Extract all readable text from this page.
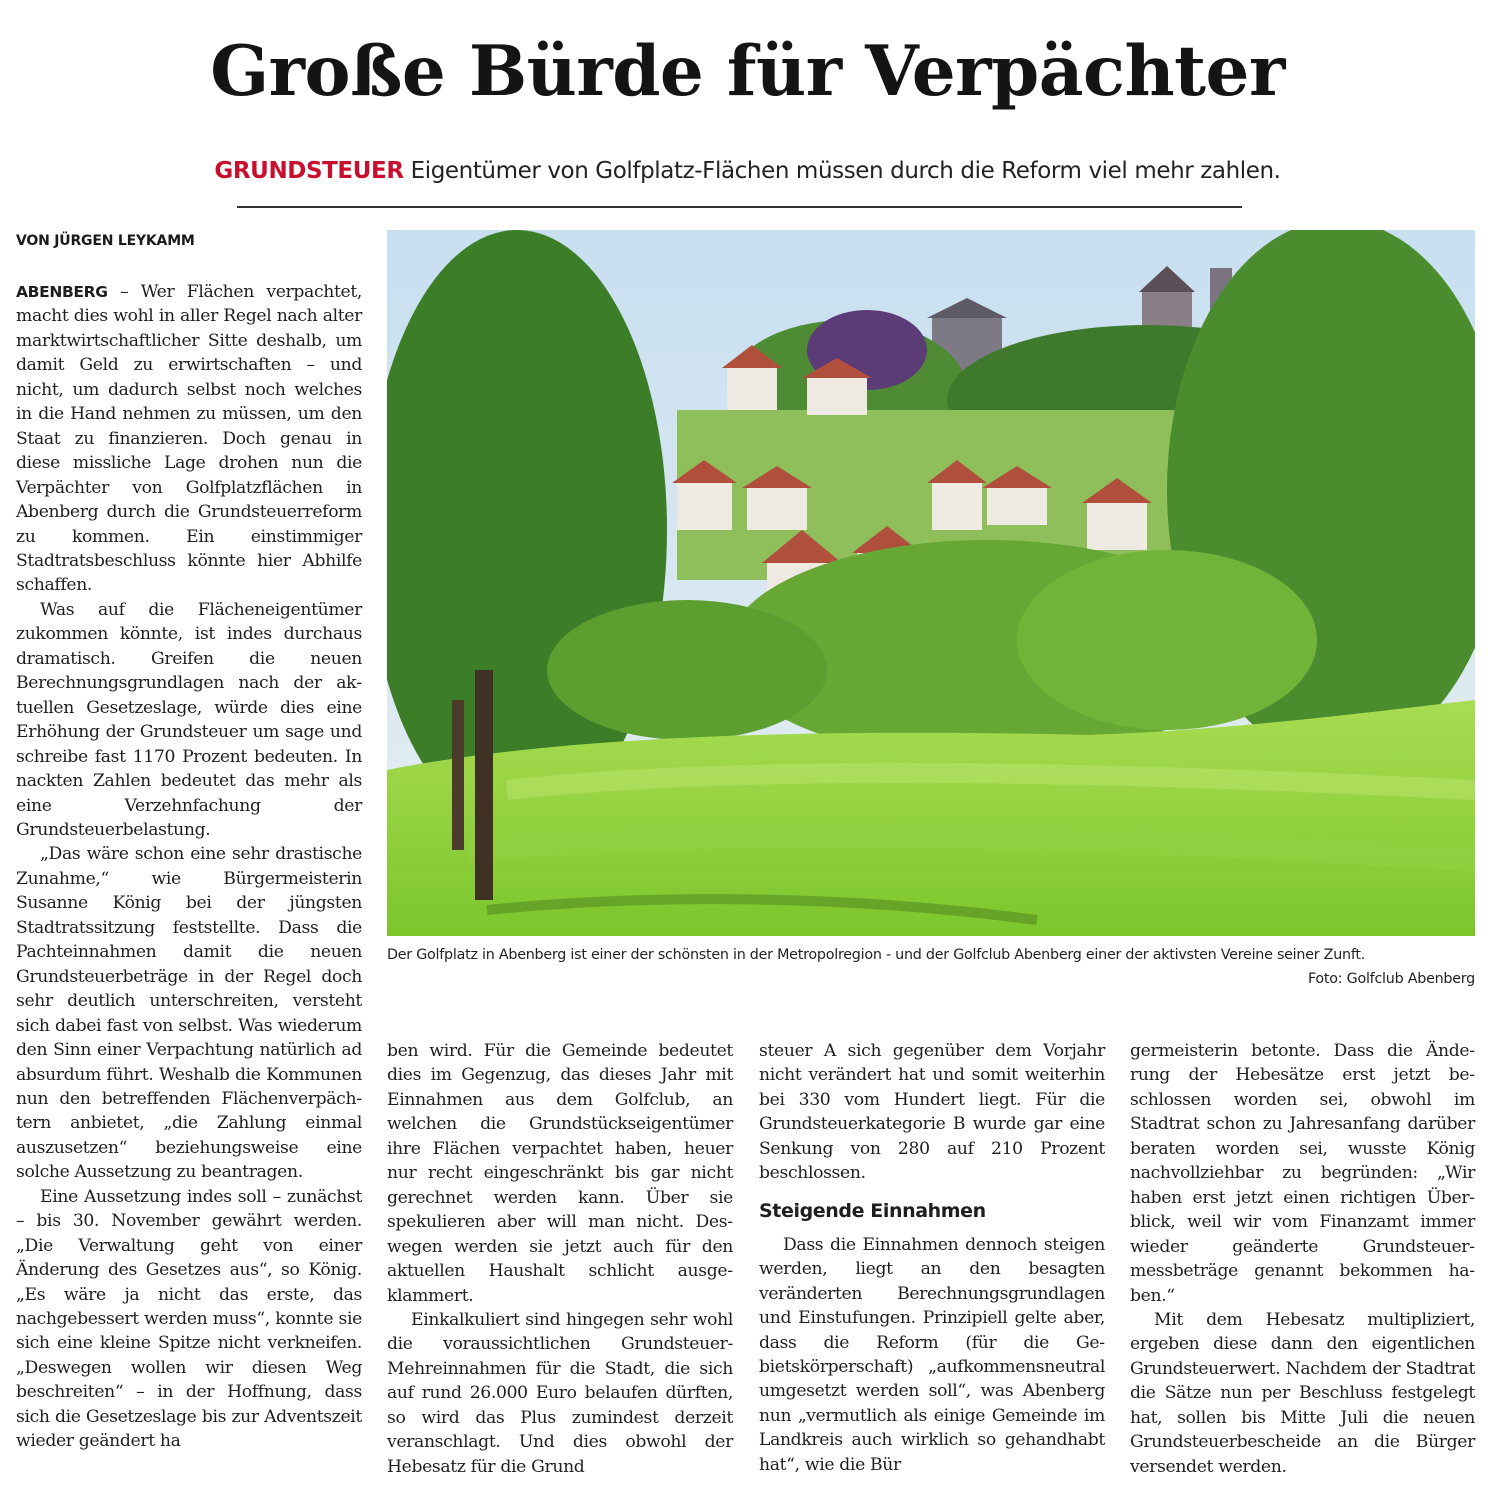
Große Bürde für Verpächter
GRUNDSTEUER Eigentümer von Golfplatz-Flächen müssen durch die Reform viel mehr zahlen.
VON JÜRGEN LEYKAMM

ABENBERG – Wer Flächen verpachtet, macht dies wohl in aller Regel nach alter marktwirtschaftlicher Sitte deshalb, um damit Geld zu erwirtschaften – und nicht, um dadurch selbst noch welches in die Hand nehmen zu müssen, um den Staat zu finanzieren. Doch genau in diese missliche Lage drohen nun die Verpächter von Golfplatzflächen in Abenberg durch die Grundsteuerreform zu kommen. Ein einstimmiger Stadtratsbeschluss könnte hier Abhilfe schaffen.

Was auf die Flächeneigentümer zukommen könnte, ist indes durchaus dramatisch. Greifen die neuen Berechnungsgrundlagen nach der aktuellen Gesetzeslage, würde dies eine Erhöhung der Grundsteuer um sage und schreibe fast 1170 Prozent bedeuten. In nackten Zahlen bedeutet das mehr als eine Verzehnfachung der Grundsteuerbelastung.

„Das wäre schon eine sehr drastische Zunahme,“ wie Bürgermeisterin Susanne König bei der jüngsten Stadtratssitzung feststellte. Dass die Pachteinnahmen damit die neuen Grundsteuerbeträge in der Regel doch sehr deutlich unterschreiten, versteht sich dabei fast von selbst. Was wiederum den Sinn einer Verpachtung natürlich ad absurdum führt. Weshalb die Kommunen nun den betreffenden Flächenverpächtern anbietet, „die Zahlung einmal auszusetzen“ beziehungsweise eine solche Aussetzung zu beantragen.

Eine Aussetzung indes soll – zunächst – bis 30. November gewährt werden. „Die Verwaltung geht von einer Änderung des Gesetzes aus“, so König. „Es wäre ja nicht das erste, das nachgebessert werden muss“, konnte sie sich eine kleine Spitze nicht verkneifen. „Deswegen wollen wir diesen Weg beschreiten“ – in der Hoffnung, dass sich die Gesetzeslage bis zur Adventszeit wieder geändert ha

Der Golfplatz in Abenberg ist einer der schönsten in der Metropolregion - und der Golfclub Abenberg einer der aktivsten Vereine seiner Zunft.
Foto: Golfclub Abenberg

ben wird. Für die Gemeinde bedeutet dies im Gegenzug, das dieses Jahr mit Einnahmen aus dem Golfclub, an welchen die Grundstückseigentümer ihre Flächen verpachtet haben, heuer nur recht eingeschränkt bis gar nicht gerechnet werden kann. Über sie spekulieren aber will man nicht. Deswegen werden sie jetzt auch für den aktuellen Haushalt schlicht ausgeklammert.

Einkalkuliert sind hingegen sehr wohl die voraussichtlichen Grundsteuer-Mehreinnahmen für die Stadt, die sich auf rund 26.000 Euro belaufen dürften, so wird das Plus zumindest derzeit veranschlagt. Und dies obwohl der Hebesatz für die Grund

steuer A sich gegenüber dem Vorjahr nicht verändert hat und somit weiterhin bei 330 vom Hundert liegt. Für die Grundsteuerkategorie B wurde gar eine Senkung von 280 auf 210 Prozent beschlossen.

Steigende Einnahmen

Dass die Einnahmen dennoch steigen werden, liegt an den besagten veränderten Berechnungsgrundlagen und Einstufungen. Prinzipiell gelte aber, dass die Reform (für die Gebietskörperschaft) „aufkommensneutral umgesetzt werden soll“, was Abenberg nun „vermutlich als einige Gemeinde im Landkreis auch wirklich so gehandhabt hat“, wie die Bür

germeisterin betonte. Dass die Änderung der Hebesätze erst jetzt beschlossen worden sei, obwohl im Stadtrat schon zu Jahresanfang darüber beraten worden sei, wusste König nachvollziehbar zu begründen: „Wir haben erst jetzt einen richtigen Überblick, weil wir vom Finanzamt immer wieder geänderte Grundsteuermessbeträge genannt bekommen haben.“

Mit dem Hebesatz multipliziert, ergeben diese dann den eigentlichen Grundsteuerwert. Nachdem der Stadtrat die Sätze nun per Beschluss festgelegt hat, sollen bis Mitte Juli die neuen Grundsteuerbescheide an die Bürger versendet werden.
